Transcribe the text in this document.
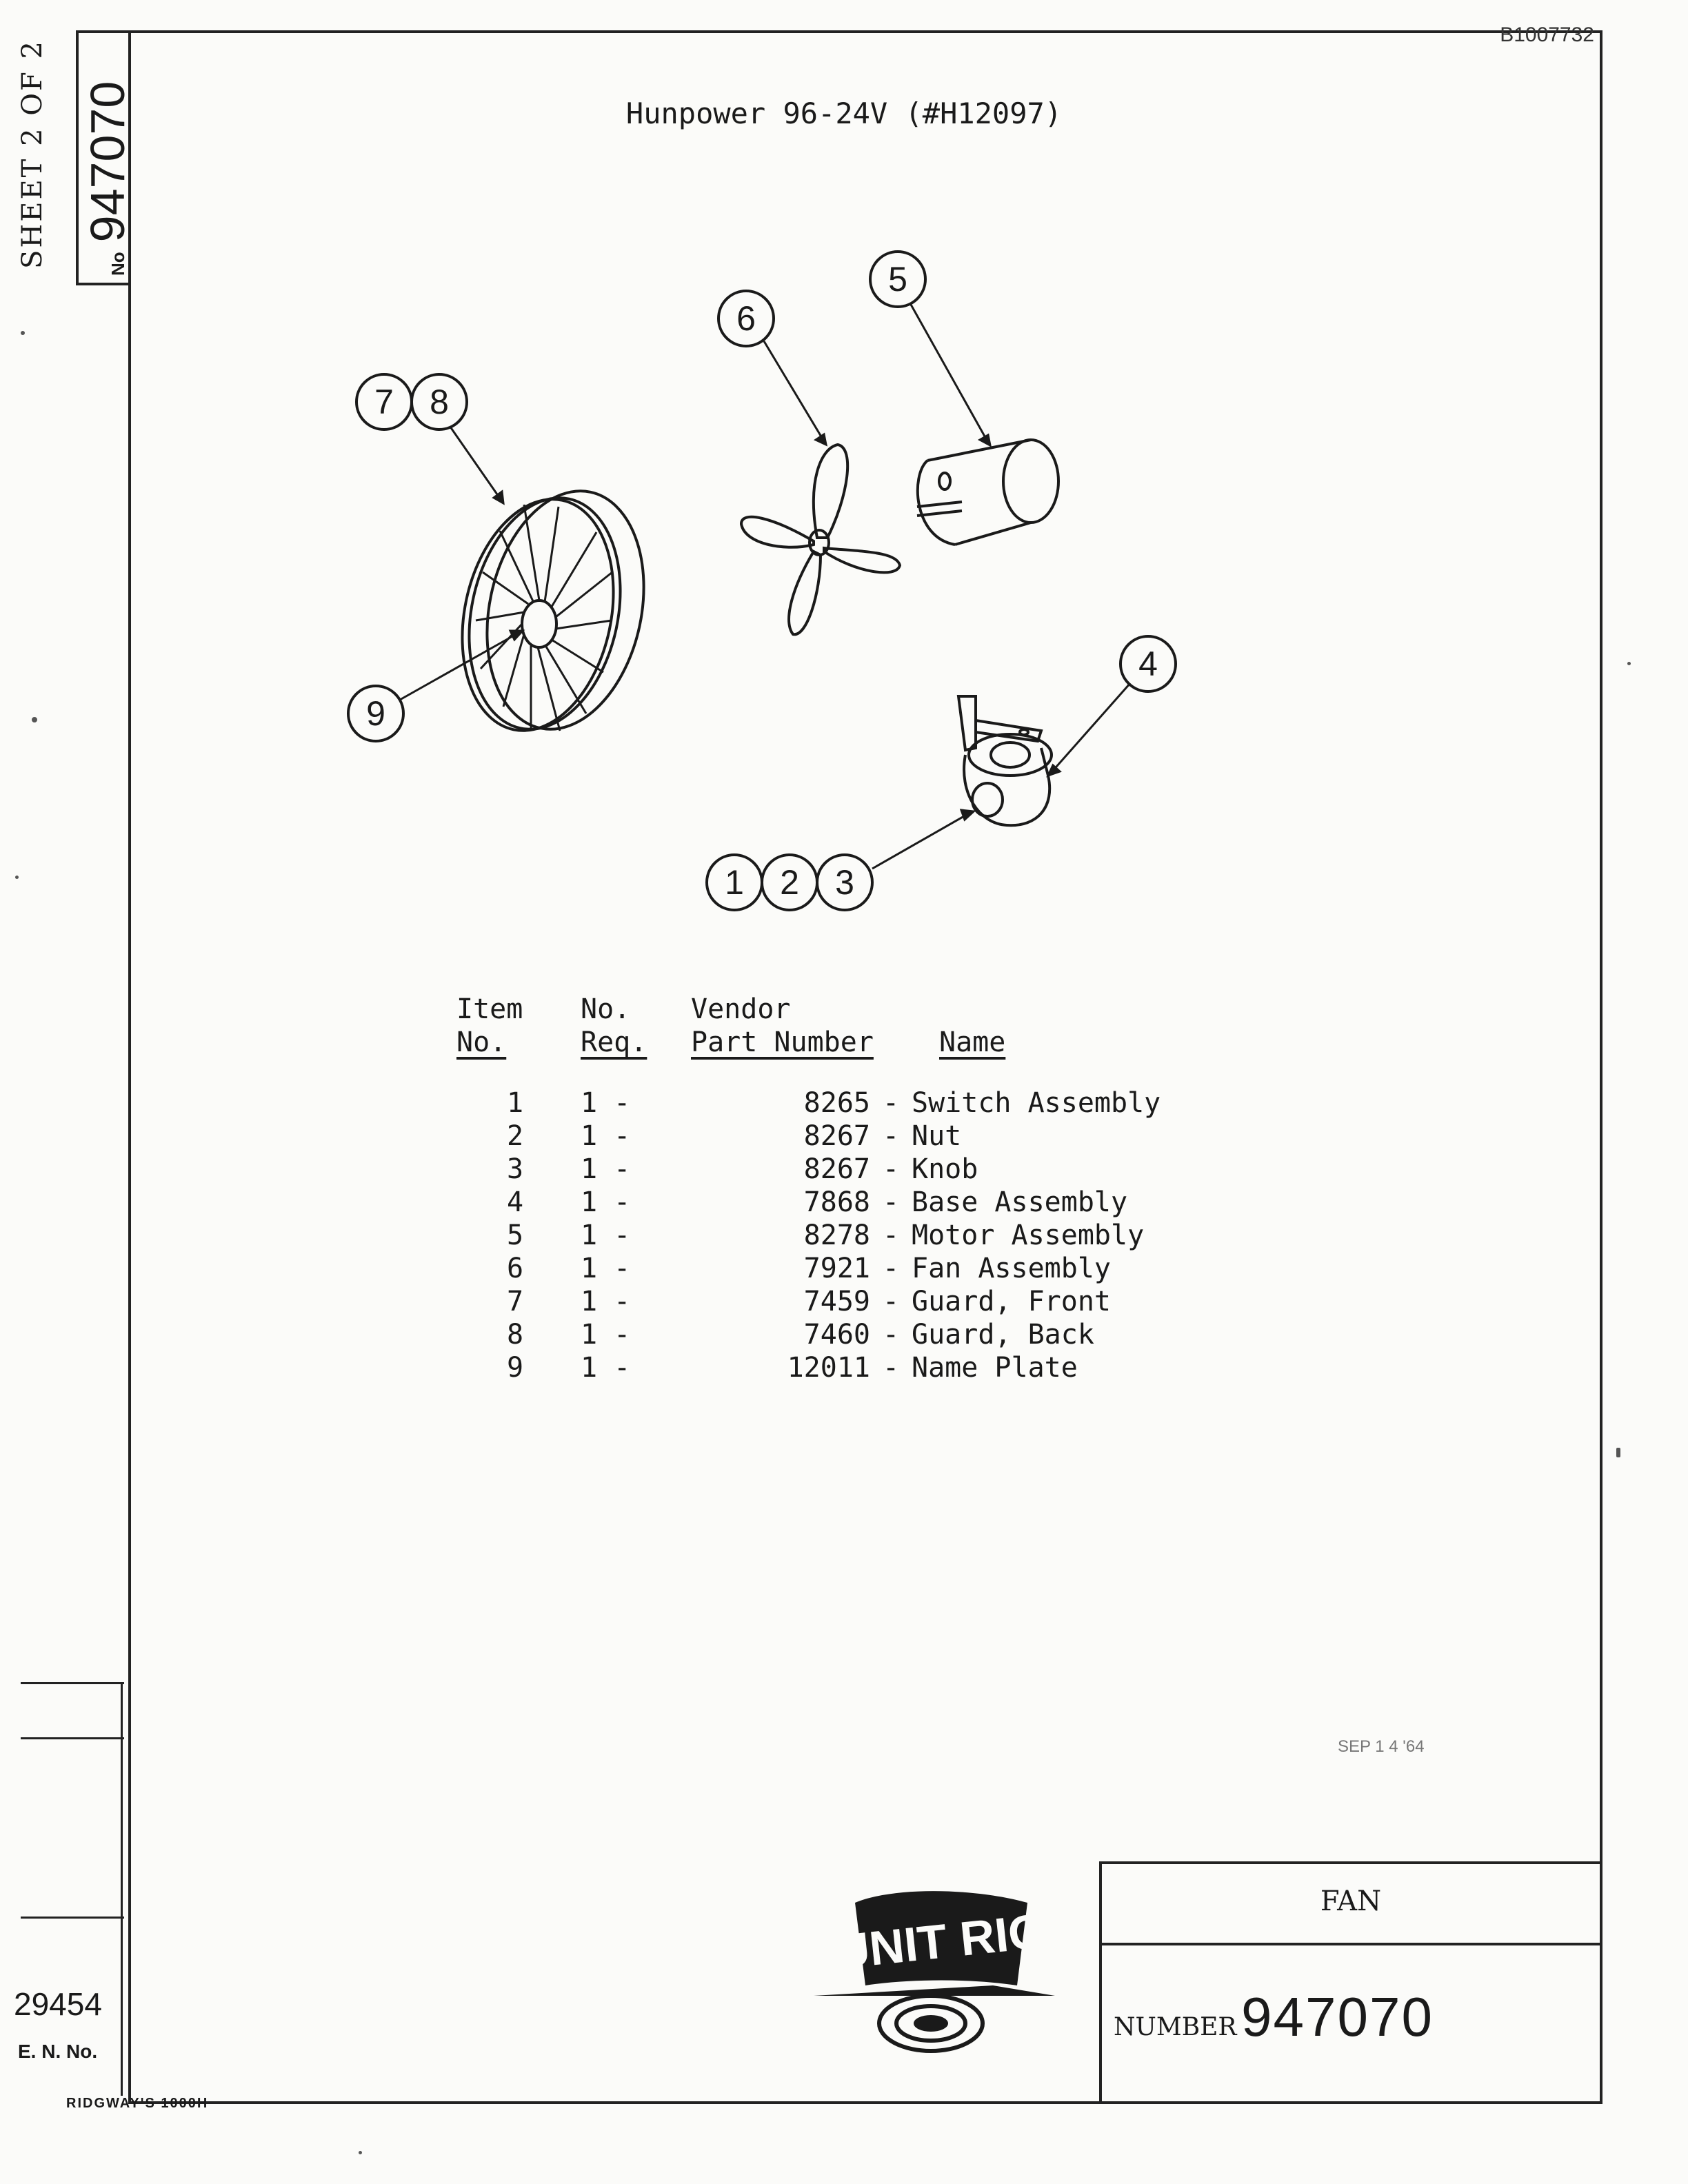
SHEET 2 OF 2	No947070
B1007732
Hunpower 96-24V (#H12097)
5
6
7 8
9
4
1 2 3
UNIT RIG
Item	No.	Vendor		
No.	Req.	Part Number		Name

1	1 -	8265	-	Switch Assembly
2	1 -	8267	-	Nut
3	1 -	8267	-	Knob
4	1 -	7868	-	Base Assembly
5	1 -	8278	-	Motor Assembly
6	1 -	7921	-	Fan Assembly
7	1 -	7459	-	Guard, Front
8	1 -	7460	-	Guard, Back
9	1 -	12011	-	Name Plate
SEP 1 4 '64
FAN
NUMBER 947070
29454
E. N. No.
RIDGWAY'S 1000H
